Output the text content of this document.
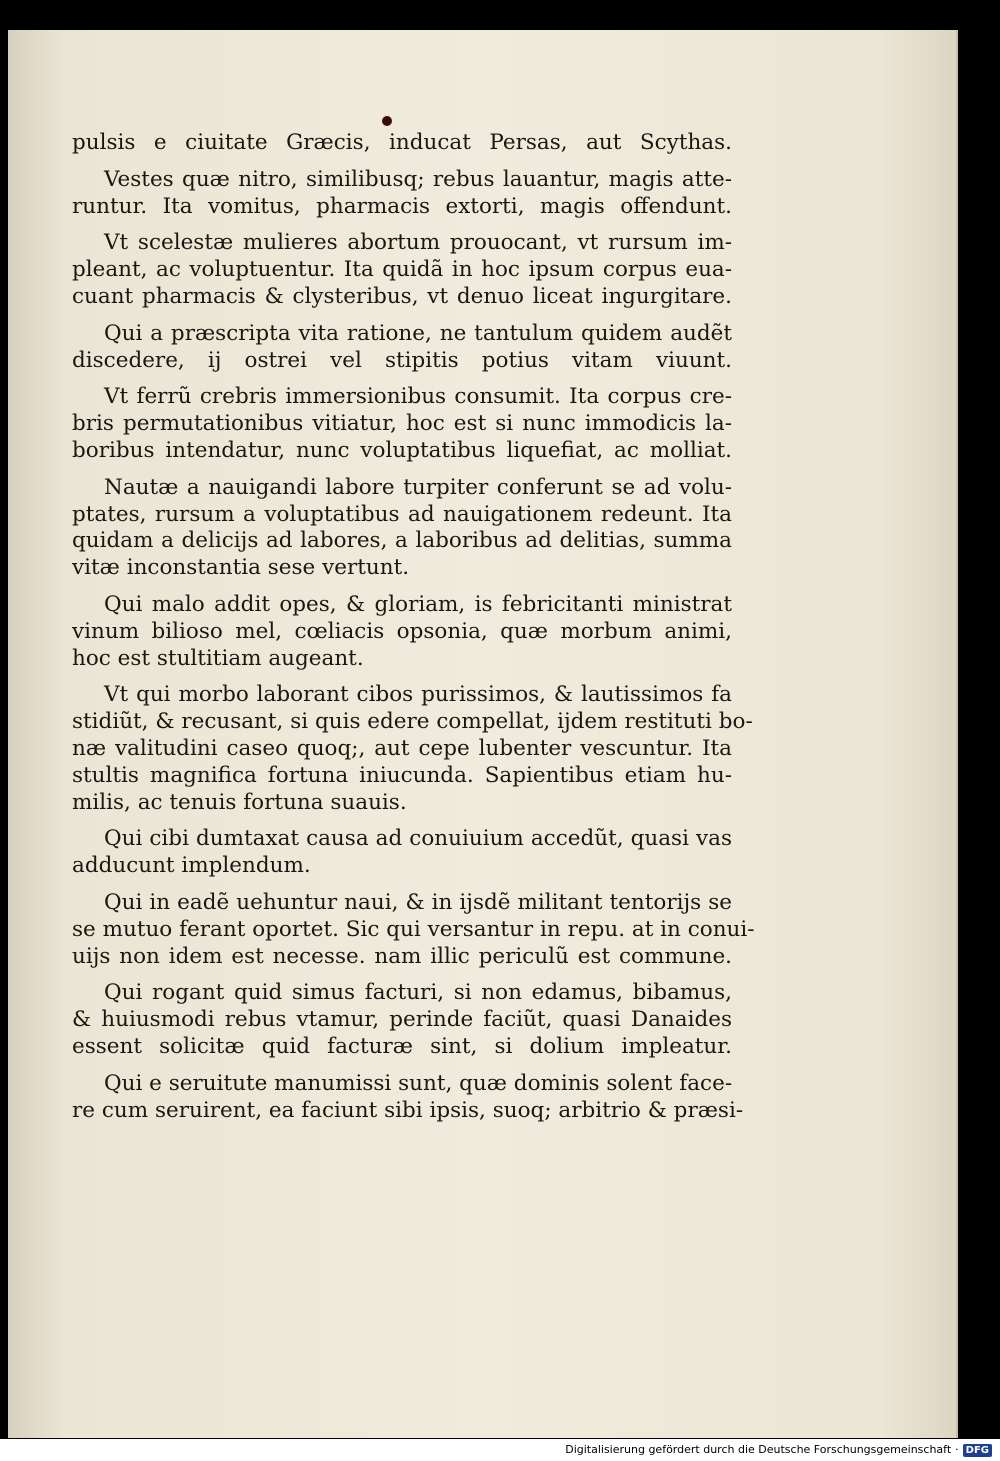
pulsis e ciuitate Græcis, inducat Persas, aut Scythas.
Vestes quæ nitro, similibusq; rebus lauantur, magis atte-
runtur. Ita vomitus, pharmacis extorti, magis offendunt.
Vt scelestæ mulieres abortum prouocant, vt rursum im-
pleant, ac voluptuentur. Ita quidã in hoc ipsum corpus eua-
cuant pharmacis & clysteribus, vt denuo liceat ingurgitare.
Qui a præscripta vita ratione, ne tantulum quidem audẽt
discedere, ij ostrei vel stipitis potius vitam viuunt.
Vt ferrũ crebris immersionibus consumit. Ita corpus cre-
bris permutationibus vitiatur, hoc est si nunc immodicis la-
boribus intendatur, nunc voluptatibus liquefiat, ac molliat.
Nautæ a nauigandi labore turpiter conferunt se ad volu-
ptates, rursum a voluptatibus ad nauigationem redeunt. Ita
quidam a delicijs ad labores, a laboribus ad delitias, summa
vitæ inconstantia sese vertunt.
Qui malo addit opes, & gloriam, is febricitanti ministrat
vinum bilioso mel, cœliacis opsonia, quæ morbum animi,
hoc est stultitiam augeant.
Vt qui morbo laborant cibos purissimos, & lautissimos fa
stidiũt, & recusant, si quis edere compellat, ijdem restituti bo-
næ valitudini caseo quoq;, aut cepe lubenter vescuntur. Ita
stultis magnifica fortuna iniucunda. Sapientibus etiam hu-
milis, ac tenuis fortuna suauis.
Qui cibi dumtaxat causa ad conuiuium accedũt, quasi vas
adducunt implendum.
Qui in eadẽ uehuntur naui, & in ijsdẽ militant tentorijs se
se mutuo ferant oportet. Sic qui versantur in repu. at in conui-
uijs non idem est necesse. nam illic periculũ est commune.
Qui rogant quid simus facturi, si non edamus, bibamus,
& huiusmodi rebus vtamur, perinde faciũt, quasi Danaides
essent solicitæ quid facturæ sint, si dolium impleatur.
Qui e seruitute manumissi sunt, quæ dominis solent face-
re cum seruirent, ea faciunt sibi ipsis, suoq; arbitrio & præsi-
Digitalisierung gefördert durch die Deutsche Forschungsgemeinschaft · DFG
